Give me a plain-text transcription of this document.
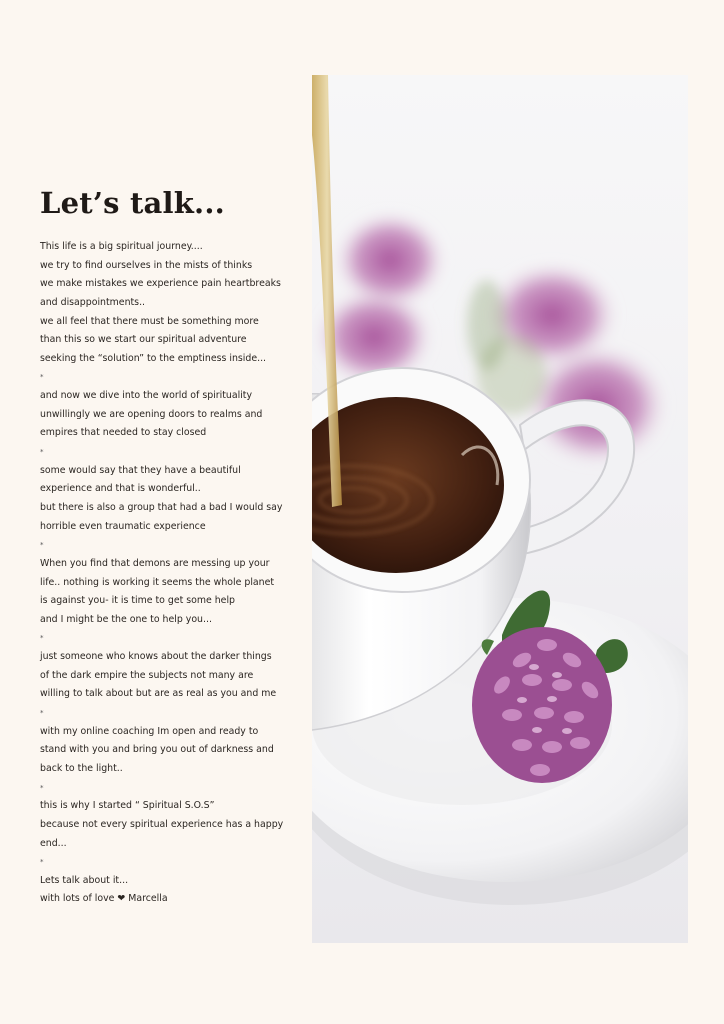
Let’s talk...
This life is a big spiritual journey....
we try to find ourselves in the mists of thinks
we make mistakes we experience pain heartbreaks
and disappointments..
we all feel that there must be something more
than this so we start our spiritual adventure
seeking the “solution” to the emptiness inside...
*
and now we dive into the world of spirituality
unwillingly we are opening doors to realms and
empires that needed to stay closed
*
some would say that they have a beautiful
experience and that is wonderful..
but there is also a group that had a bad I would say
horrible even traumatic experience
*
When you find that demons are messing up your
life.. nothing is working it seems the whole planet
is against you- it is time to get some help
and I might be the one to help you...
*
just someone who knows about the darker things
of the dark empire the subjects not many are
willing to talk about but are as real as you and me
*
with my online coaching Im open and ready to
stand with you and bring you out of darkness and
back to the light..
*
this is why I started “ Spiritual S.O.S”
because not every spiritual experience has a happy
end...
*
Lets talk about it...
with lots of love ❤ Marcella
